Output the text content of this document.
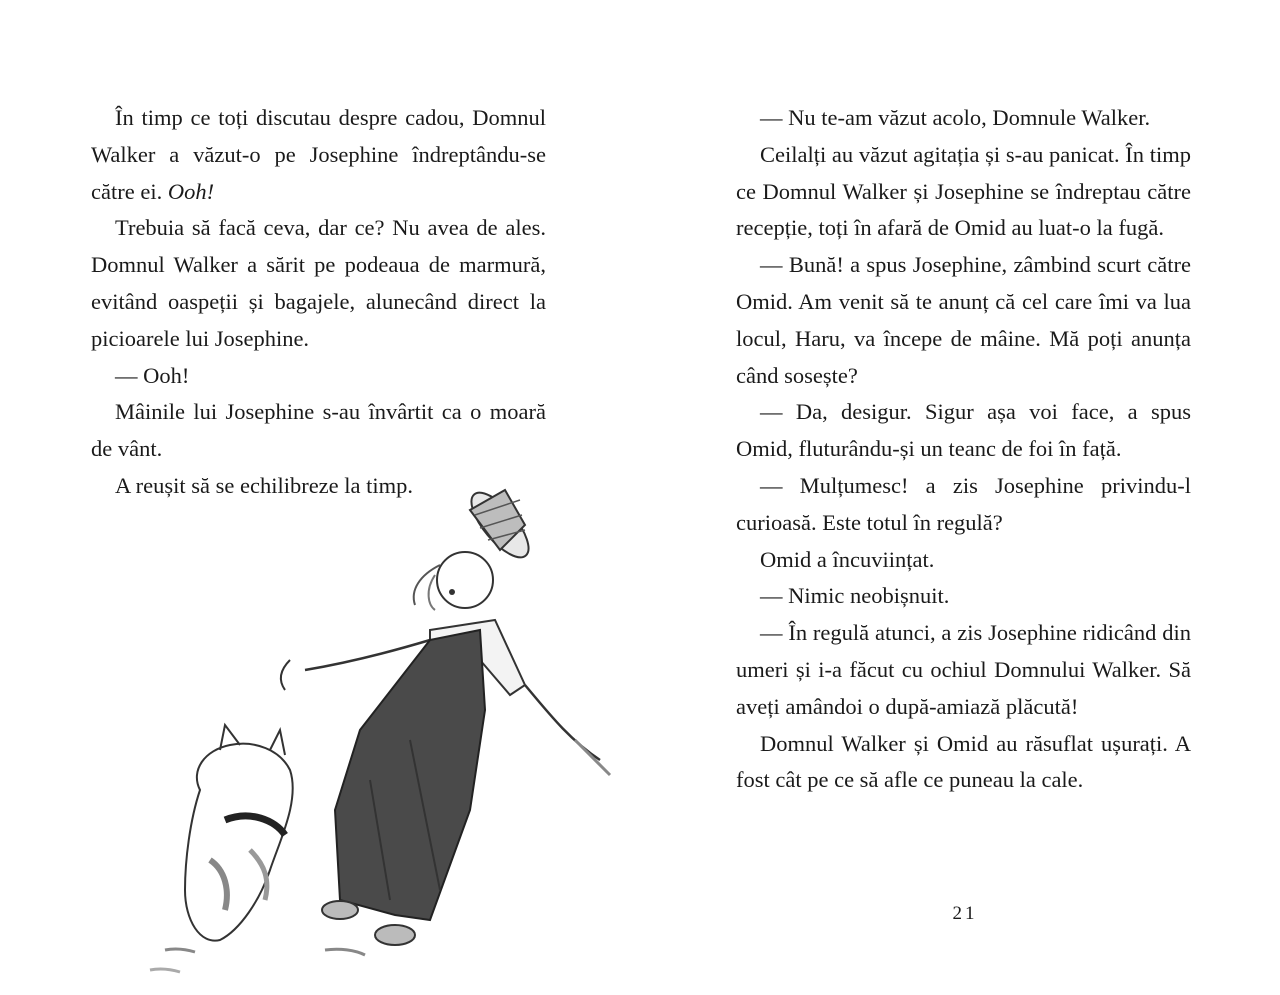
În timp ce toți discutau despre cadou, Domnul Walker a văzut-o pe Josephine îndreptându-se către ei. Ooh!

Trebuia să facă ceva, dar ce? Nu avea de ales. Domnul Walker a sărit pe podeaua de marmură, evitând oaspeții și bagajele, alunecând direct la picioarele lui Josephine.

— Ooh!

Mâinile lui Josephine s-au învârtit ca o moară de vânt.

A reușit să se echilibreze la timp.

— Nu te-am văzut acolo, Domnule Walker.

Ceilalți au văzut agitația și s-au panicat. În timp ce Domnul Walker și Josephine se îndreptau către recepție, toți în afară de Omid au luat-o la fugă.

— Bună! a spus Josephine, zâmbind scurt către Omid. Am venit să te anunț că cel care îmi va lua locul, Haru, va începe de mâine. Mă poți anunța când sosește?

— Da, desigur. Sigur așa voi face, a spus Omid, fluturându-și un teanc de foi în față.

— Mulțumesc! a zis Josephine privindu-l curioasă. Este totul în regulă?

Omid a încuviințat.

— Nimic neobișnuit.

— În regulă atunci, a zis Josephine ridicând din umeri și i-a făcut cu ochiul Domnului Walker. Să aveți amândoi o după-amiază plăcută!

Domnul Walker și Omid au răsuflat ușurați. A fost cât pe ce să afle ce puneau la cale.

21
